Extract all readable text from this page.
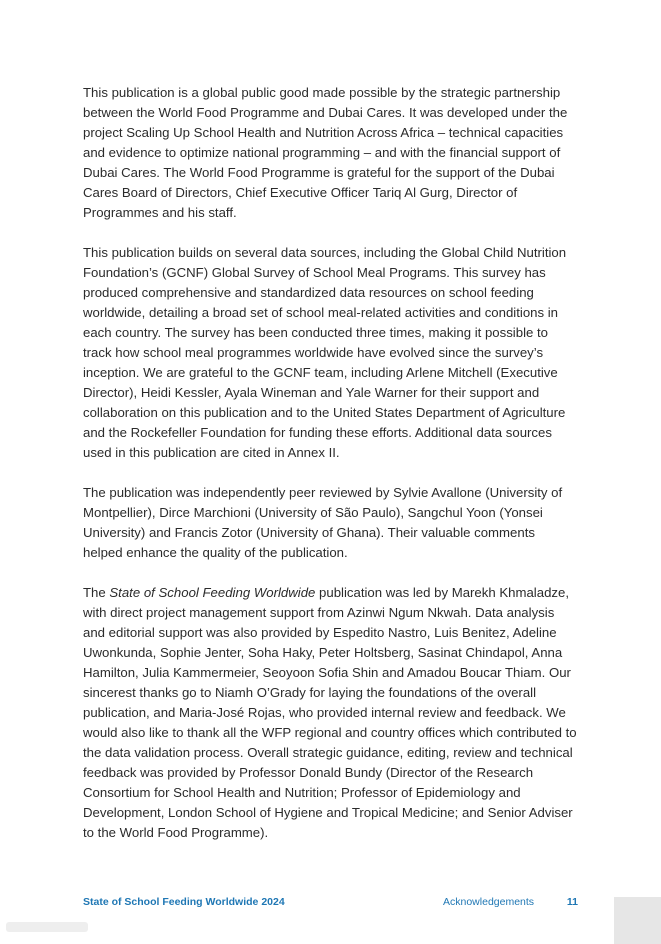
This publication is a global public good made possible by the strategic partnership between the World Food Programme and Dubai Cares. It was developed under the project Scaling Up School Health and Nutrition Across Africa – technical capacities and evidence to optimize national programming – and with the financial support of Dubai Cares. The World Food Programme is grateful for the support of the Dubai Cares Board of Directors, Chief Executive Officer Tariq Al Gurg, Director of Programmes and his staff.

This publication builds on several data sources, including the Global Child Nutrition Foundation’s (GCNF) Global Survey of School Meal Programs. This survey has produced comprehensive and standardized data resources on school feeding worldwide, detailing a broad set of school meal-related activities and conditions in each country. The survey has been conducted three times, making it possible to track how school meal programmes worldwide have evolved since the survey’s inception. We are grateful to the GCNF team, including Arlene Mitchell (Executive Director), Heidi Kessler, Ayala Wineman and Yale Warner for their support and collaboration on this publication and to the United States Department of Agriculture and the Rockefeller Foundation for funding these efforts. Additional data sources used in this publication are cited in Annex II.

The publication was independently peer reviewed by Sylvie Avallone (University of Montpellier), Dirce Marchioni (University of São Paulo), Sangchul Yoon (Yonsei University) and Francis Zotor (University of Ghana). Their valuable comments helped enhance the quality of the publication.

The State of School Feeding Worldwide publication was led by Marekh Khmaladze, with direct project management support from Azinwi Ngum Nkwah. Data analysis and editorial support was also provided by Espedito Nastro, Luis Benitez, Adeline Uwonkunda, Sophie Jenter, Soha Haky, Peter Holtsberg, Sasinat Chindapol, Anna Hamilton, Julia Kammermeier, Seoyoon Sofia Shin and Amadou Boucar Thiam. Our sincerest thanks go to Niamh O’Grady for laying the foundations of the overall publication, and Maria-José Rojas, who provided internal review and feedback. We would also like to thank all the WFP regional and country offices which contributed to the data validation process. Overall strategic guidance, editing, review and technical feedback was provided by Professor Donald Bundy (Director of the Research Consortium for School Health and Nutrition; Professor of Epidemiology and Development, London School of Hygiene and Tropical Medicine; and Senior Adviser to the World Food Programme).

State of School Feeding Worldwide 2024	Acknowledgements	11
